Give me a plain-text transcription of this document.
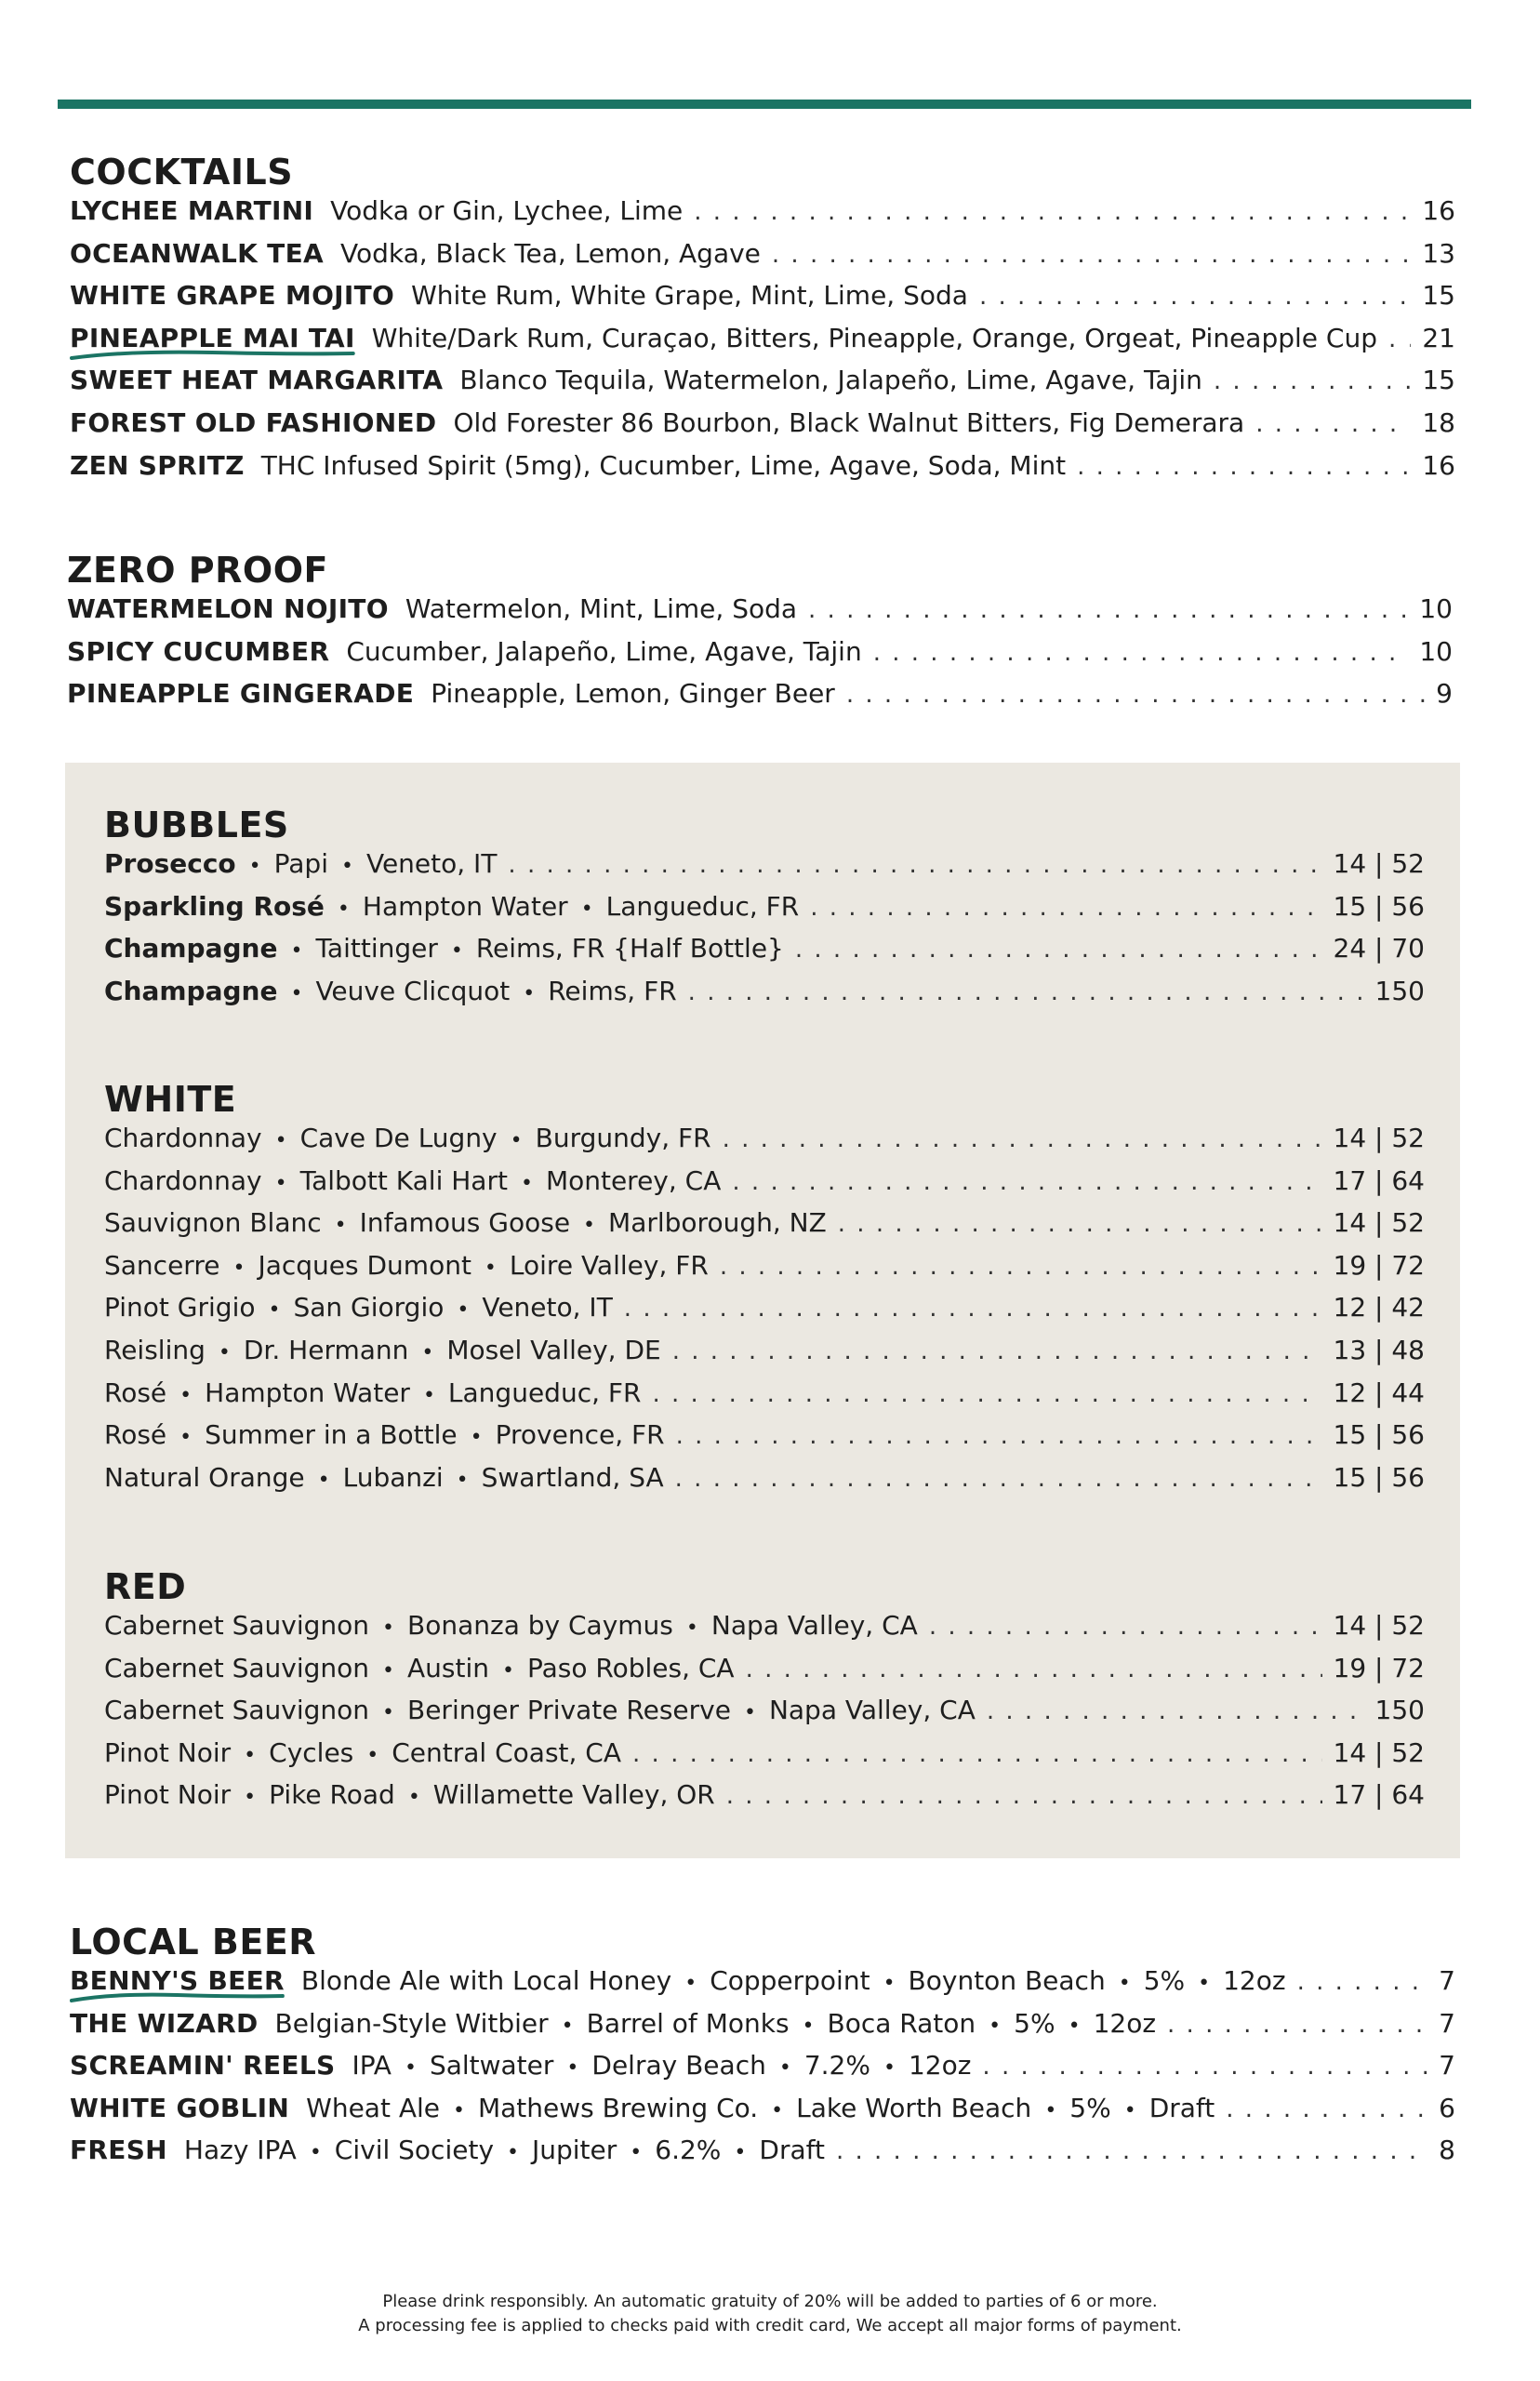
COCKTAILS
LYCHEE MARTINI Vodka or Gin, Lychee, Lime . . .	16
OCEANWALK TEA Vodka, Black Tea, Lemon, Agave . . .	13
WHITE GRAPE MOJITO White Rum, White Grape, Mint, Lime, Soda . . .	15
PINEAPPLE MAI TAI White/Dark Rum, Curaçao, Bitters, Pineapple, Orange, Orgeat, Pineapple Cup . . . 21
SWEET HEAT MARGARITA Blanco Tequila, Watermelon, Jalapeño, Lime, Agave, Tajin . . .	15
FOREST OLD FASHIONED Old Forester 86 Bourbon, Black Walnut Bitters, Fig Demerara . . .	18
ZEN SPRITZ THC Infused Spirit (5mg), Cucumber, Lime, Agave, Soda, Mint . . .	16
ZERO PROOF
WATERMELON NOJITO Watermelon, Mint, Lime, Soda . . .	10
SPICY CUCUMBER Cucumber, Jalapeño, Lime, Agave, Tajin . . .	10
PINEAPPLE GINGERADE Pineapple, Lemon, Ginger Beer . . .	9
BUBBLES
Prosecco • Papi • Veneto, IT . . .	14 | 52
Sparkling Rosé • Hampton Water • Langueduc, FR . . .	15 | 56
Champagne • Taittinger • Reims, FR {Half Bottle} . . .	24 | 70
Champagne • Veuve Clicquot • Reims, FR . . .	150
WHITE
Chardonnay • Cave De Lugny • Burgundy, FR . . .	14 | 52
Chardonnay • Talbott Kali Hart • Monterey, CA . . .	17 | 64
Sauvignon Blanc • Infamous Goose • Marlborough, NZ . . .	14 | 52
Sancerre • Jacques Dumont • Loire Valley, FR . . .	19 | 72
Pinot Grigio • San Giorgio • Veneto, IT . . .	12 | 42
Reisling • Dr. Hermann • Mosel Valley, DE . . .	13 | 48
Rosé • Hampton Water • Langueduc, FR . . .	12 | 44
Rosé • Summer in a Bottle • Provence, FR . . .	15 | 56
Natural Orange • Lubanzi • Swartland, SA . . .	15 | 56
RED
Cabernet Sauvignon • Bonanza by Caymus • Napa Valley, CA . . .	14 | 52
Cabernet Sauvignon • Austin • Paso Robles, CA . . .	19 | 72
Cabernet Sauvignon • Beringer Private Reserve • Napa Valley, CA . . .	150
Pinot Noir • Cycles • Central Coast, CA . . .	14 | 52
Pinot Noir • Pike Road • Willamette Valley, OR . . .	17 | 64
LOCAL BEER
BENNY'S BEER Blonde Ale with Local Honey • Copperpoint • Boynton Beach • 5% • 12oz . . .	7
THE WIZARD Belgian-Style Witbier • Barrel of Monks • Boca Raton • 5% • 12oz . . .	7
SCREAMIN' REELS IPA • Saltwater • Delray Beach • 7.2% • 12oz . . .	7
WHITE GOBLIN Wheat Ale • Mathews Brewing Co. • Lake Worth Beach • 5% • Draft . . .	6
FRESH Hazy IPA • Civil Society • Jupiter • 6.2% • Draft . . .	8
Please drink responsibly. An automatic gratuity of 20% will be added to parties of 6 or more.
A processing fee is applied to checks paid with credit card, We accept all major forms of payment.
